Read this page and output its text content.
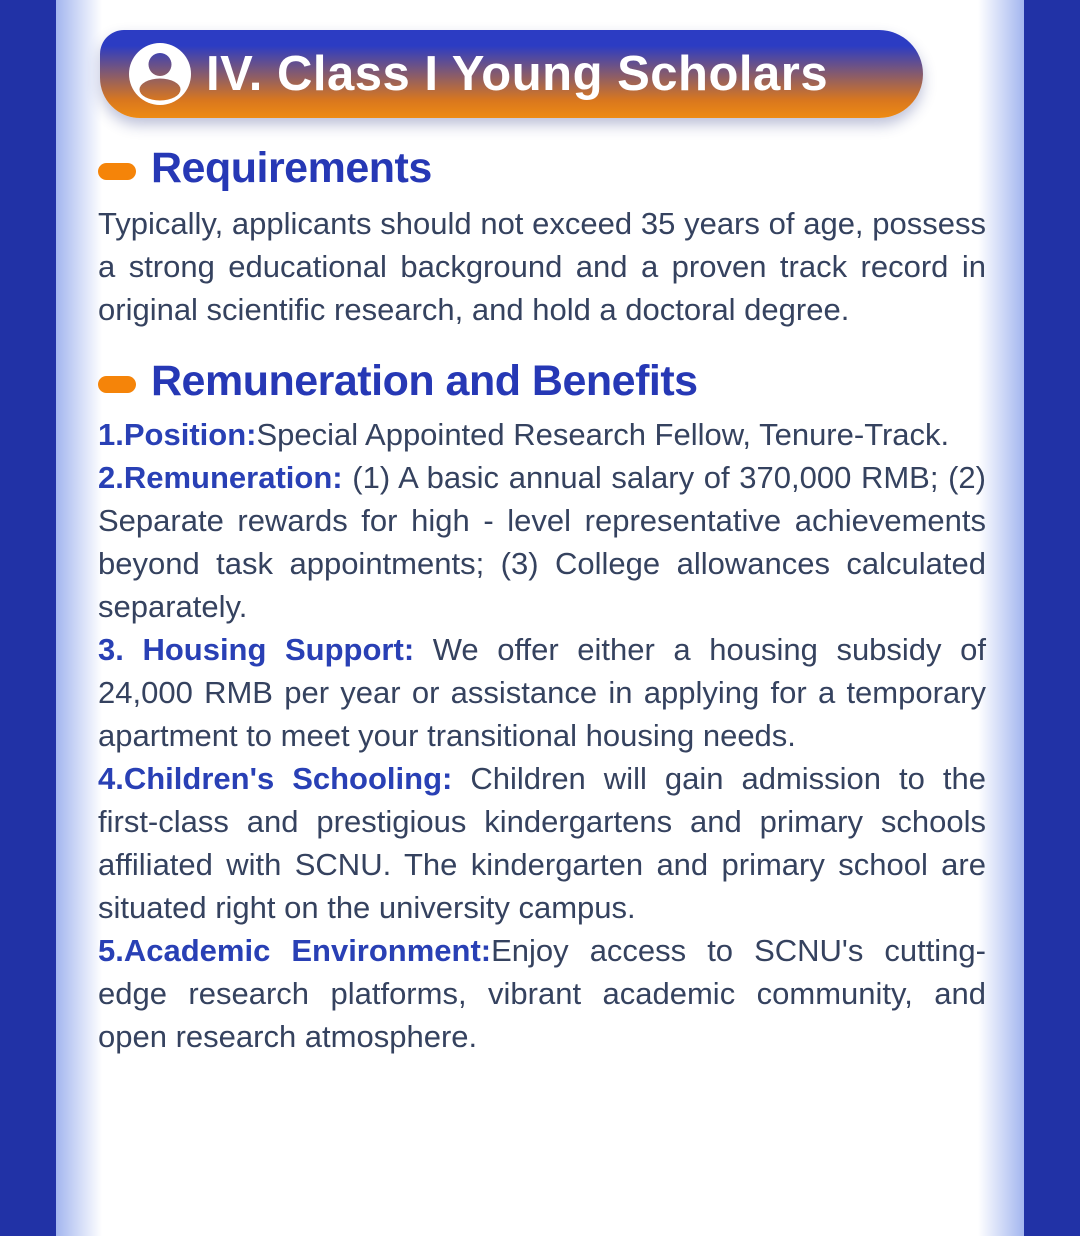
IV. Class I Young Scholars
Requirements

Typically, applicants should not exceed 35 years of age, possess a strong educational background and a proven track record in original scientific research, and hold a doctoral degree.

Remuneration and Benefits

1.Position:Special Appointed Research Fellow, Tenure-Track.

2.Remuneration: (1) A basic annual salary of 370,000 RMB; (2) Separate rewards for high - level representative achievements beyond task appointments; (3) College allowances calculated separately.

3. Housing Support: We offer either a housing subsidy of 24,000 RMB per year or assistance in applying for a temporary apartment to meet your transitional housing needs.

4.Children's Schooling: Children will gain admission to the first-class and prestigious kindergartens and primary schools affiliated with SCNU. The kindergarten and primary school are situated right on the university campus.

5.Academic Environment:Enjoy access to SCNU's cutting-edge research platforms, vibrant academic community, and open research atmosphere.
